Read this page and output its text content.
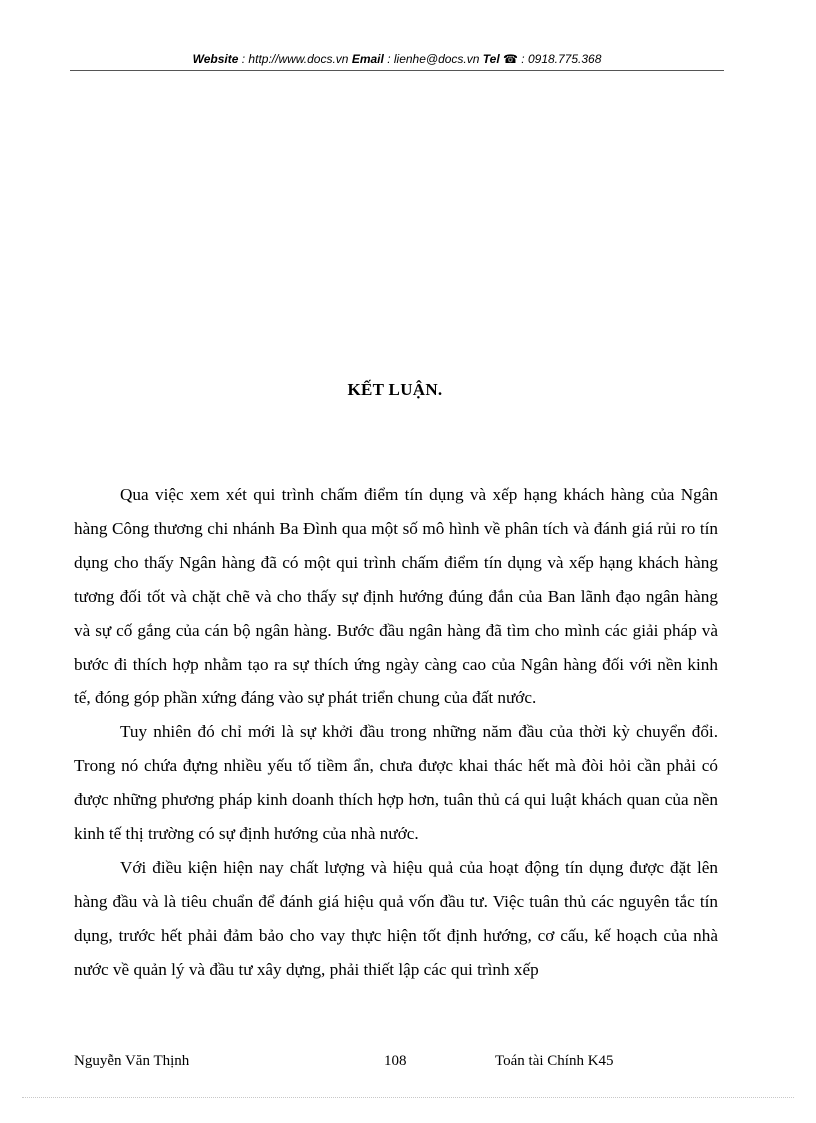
Website : http://www.docs.vn Email : lienhe@docs.vn Tel ☎ : 0918.775.368
KẾT LUẬN.

Qua việc xem xét qui trình chấm điểm tín dụng và xếp hạng khách hàng của Ngân hàng Công thương chi nhánh Ba Đình qua một số mô hình về phân tích và đánh giá rủi ro tín dụng cho thấy Ngân hàng đã có một qui trình chấm điểm tín dụng và xếp hạng khách hàng tương đối tốt và chặt chẽ và cho thấy sự định hướng đúng đắn của Ban lãnh đạo ngân hàng và sự cố gắng của cán bộ ngân hàng. Bước đầu ngân hàng đã tìm cho mình các giải pháp và bước đi thích hợp nhằm tạo ra sự thích ứng ngày càng cao của Ngân hàng đối với nền kinh tế, đóng góp phần xứng đáng vào sự phát triển chung của đất nước.

Tuy nhiên đó chỉ mới là sự khởi đầu trong những năm đầu của thời kỳ chuyển đổi. Trong nó chứa đựng nhiều yếu tố tiềm ẩn, chưa được khai thác hết mà đòi hỏi cần phải có được những phương pháp kinh doanh thích hợp hơn, tuân thủ cá qui luật khách quan của nền kinh tế thị trường có sự định hướng của nhà nước.

Với điều kiện hiện nay chất lượng và hiệu quả của hoạt động tín dụng được đặt lên hàng đầu và là tiêu chuẩn để đánh giá hiệu quả vốn đầu tư. Việc tuân thủ các nguyên tắc tín dụng, trước hết phải đảm bảo cho vay thực hiện tốt định hướng, cơ cấu, kế hoạch của nhà nước về quản lý và đầu tư xây dựng, phải thiết lập các qui trình xếp

Nguyễn Văn Thịnh	108	Toán tài Chính K45
